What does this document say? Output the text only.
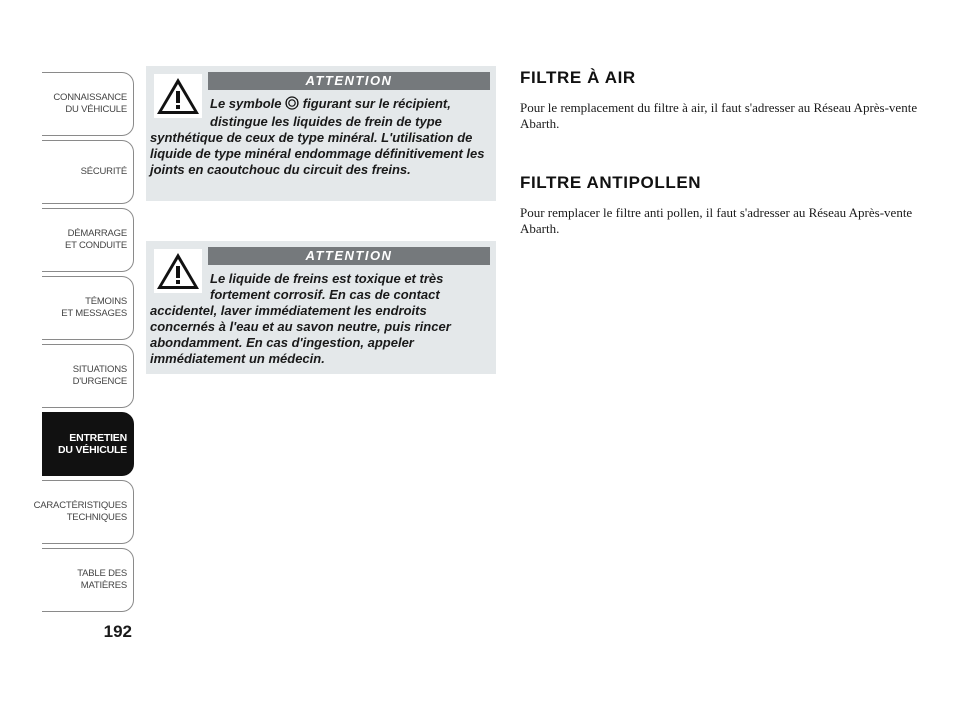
CONNAISSANCE
DU VÉHICULE
SÉCURITÉ
DÉMARRAGE
ET CONDUITE
TÉMOINS
ET MESSAGES
SITUATIONS
D'URGENCE
ENTRETIEN
DU VÉHICULE
CARACTÉRISTIQUES
TECHNIQUES
TABLE DES
MATIÈRES
192
ATTENTION

Le symbole  figurant sur le récipient, distingue les liquides de frein de type synthétique de ceux de type minéral. L'utilisation de liquide de type minéral endommage définitivement les joints en caoutchouc du circuit des freins.

ATTENTION

Le liquide de freins est toxique et très fortement corrosif. En cas de contact accidentel, laver immédiatement les endroits concernés à l'eau et au savon neutre, puis rincer abondamment. En cas d'ingestion, appeler immédiatement un médecin.

FILTRE À AIR

Pour le remplacement du filtre à air, il faut s'adresser au Réseau Après-vente Abarth.

FILTRE ANTIPOLLEN

Pour remplacer le filtre anti pollen, il faut s'adresser au Réseau Après-vente Abarth.
